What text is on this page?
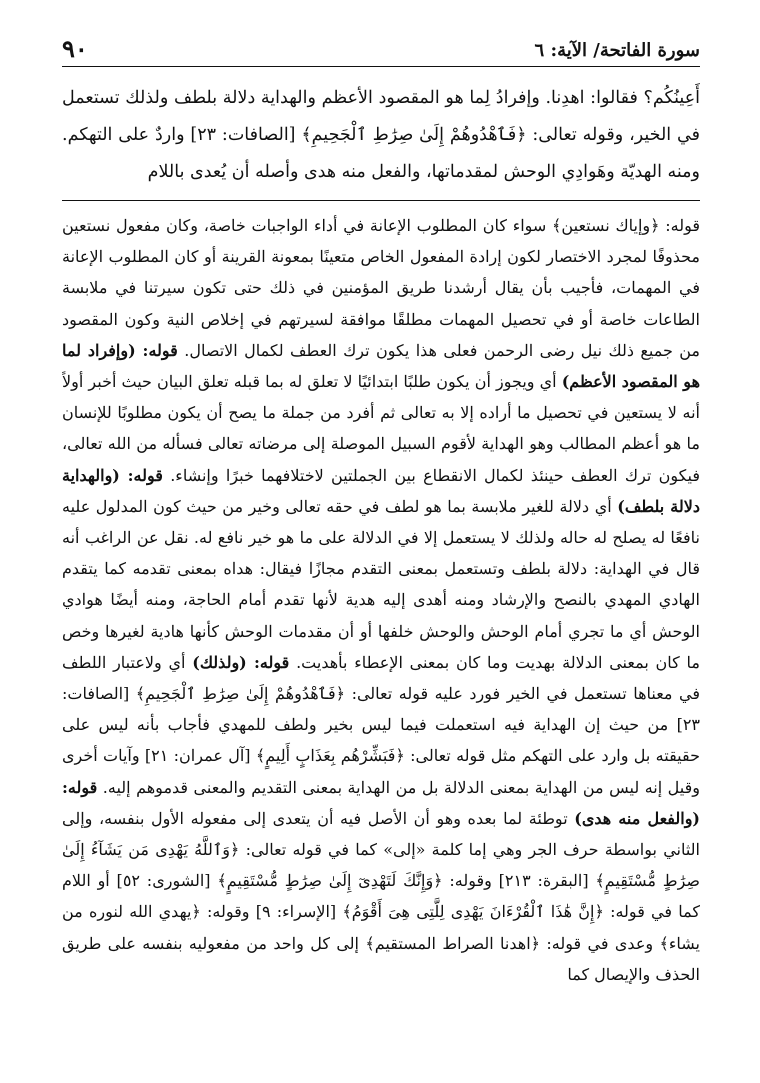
سورة الفاتحة/ الآية: ٦
٩٠

أَعِينُكُم؟ فقالوا: اهدِنا. وإفرادُ لِما هو المقصود الأعظم والهداية دلالة بلطف ولذلك تستعمل في الخير، وقوله تعالى: ﴿فَٱهْدُوهُمْ إِلَىٰ صِرَٰطِ ٱلْجَحِيمِ﴾ [الصافات: ٢٣] واردٌ على التهكم. ومنه الهديّة وهَوادِي الوحش لمقدماتها، والفعل منه هدى وأصله أن يُعدى باللام

قوله: ﴿وإياك نستعين﴾ سواء كان المطلوب الإعانة في أداء الواجبات خاصة، وكان مفعول نستعين محذوفًا لمجرد الاختصار لكون إرادة المفعول الخاص متعينًا بمعونة القرينة أو كان المطلوب الإعانة في المهمات، فأجيب بأن يقال أرشدنا طريق المؤمنين في ذلك حتى تكون سيرتنا في ملابسة الطاعات خاصة أو في تحصيل المهمات مطلقًا موافقة لسيرتهم في إخلاص النية وكون المقصود من جميع ذلك نيل رضى الرحمن فعلى هذا يكون ترك العطف لكمال الاتصال. قوله: (وإفراد لما هو المقصود الأعظم) أي ويجوز أن يكون طلبًا ابتدائيًا لا تعلق له بما قبله تعلق البيان حيث أخبر أولاً أنه لا يستعين في تحصيل ما أراده إلا به تعالى ثم أفرد من جملة ما يصح أن يكون مطلوبًا للإنسان ما هو أعظم المطالب وهو الهداية لأقوم السبيل الموصلة إلى مرضاته تعالى فسأله من الله تعالى، فيكون ترك العطف حينئذ لكمال الانقطاع بين الجملتين لاختلافهما خبرًا وإنشاء. قوله: (والهداية دلالة بلطف) أي دلالة للغير ملابسة بما هو لطف في حقه تعالى وخير من حيث كون المدلول عليه نافعًا له يصلح له حاله ولذلك لا يستعمل إلا في الدلالة على ما هو خير نافع له. نقل عن الراغب أنه قال في الهداية: دلالة بلطف وتستعمل بمعنى التقدم مجازًا فيقال: هداه بمعنى تقدمه كما يتقدم الهادي المهدي بالنصح والإرشاد ومنه أهدى إليه هدية لأنها تقدم أمام الحاجة، ومنه أيضًا هوادي الوحش أي ما تجري أمام الوحش والوحش خلفها أو أن مقدمات الوحش كأنها هادية لغيرها وخص ما كان بمعنى الدلالة بهديت وما كان بمعنى الإعطاء بأهديت. قوله: (ولذلك) أي ولاعتبار اللطف في معناها تستعمل في الخير فورد عليه قوله تعالى: ﴿فَٱهْدُوهُمْ إِلَىٰ صِرَٰطِ ٱلْجَحِيمِ﴾ [الصافات: ٢٣] من حيث إن الهداية فيه استعملت فيما ليس بخير ولطف للمهدي فأجاب بأنه ليس على حقيقته بل وارد على التهكم مثل قوله تعالى: ﴿فَبَشِّرْهُم بِعَذَابٍ أَلِيمٍ﴾ [آل عمران: ٢١] وآيات أخرى وقيل إنه ليس من الهداية بمعنى الدلالة بل من الهداية بمعنى التقديم والمعنى قدموهم إليه. قوله: (والفعل منه هدى) توطئة لما بعده وهو أن الأصل فيه أن يتعدى إلى مفعوله الأول بنفسه، وإلى الثاني بواسطة حرف الجر وهي إما كلمة «إلى» كما في قوله تعالى: ﴿وَٱللَّهُ يَهْدِى مَن يَشَآءُ إِلَىٰ صِرَٰطٍ مُّسْتَقِيمٍ﴾ [البقرة: ٢١٣] وقوله: ﴿وَإِنَّكَ لَتَهْدِىٓ إِلَىٰ صِرَٰطٍ مُّسْتَقِيمٍ﴾ [الشورى: ٥٢] أو اللام كما في قوله: ﴿إِنَّ هَٰذَا ٱلْقُرْءَانَ يَهْدِى لِلَّتِى هِىَ أَقْوَمُ﴾ [الإسراء: ٩] وقوله: ﴿يهدي الله لنوره من يشاء﴾ وعدى في قوله: ﴿اهدنا الصراط المستقيم﴾ إلى كل واحد من مفعوليه بنفسه على طريق الحذف والإيصال كما
